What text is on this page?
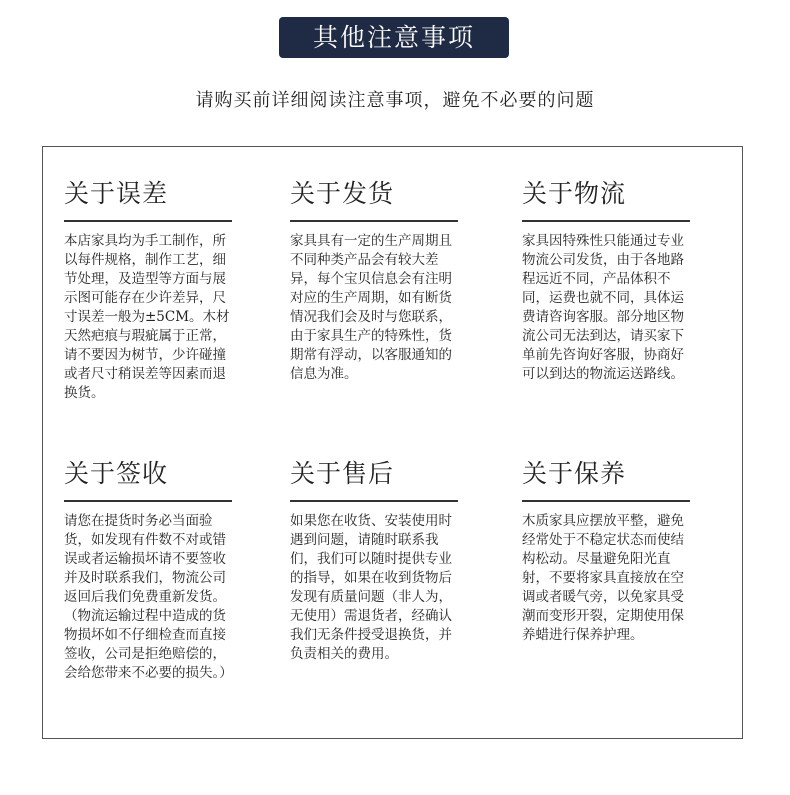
其他注意事项
请购买前详细阅读注意事项，避免不必要的问题
关于误差
本店家具均为手工制作，所以每件规格，制作工艺，细节处理，及造型等方面与展示图可能存在少许差异，尺寸误差一般为±5CM。木材天然疤痕与瑕疵属于正常，请不要因为树节，少许碰撞或者尺寸稍误差等因素而退换货。
关于发货
家具具有一定的生产周期且不同种类产品会有较大差异，每个宝贝信息会有注明对应的生产周期，如有断货情况我们会及时与您联系，由于家具生产的特殊性，货期常有浮动，以客服通知的信息为准。
关于物流
家具因特殊性只能通过专业物流公司发货，由于各地路程远近不同，产品体积不同，运费也就不同，具体运费请咨询客服。部分地区物流公司无法到达，请买家下单前先咨询好客服，协商好可以到达的物流运送路线。
关于签收
请您在提货时务必当面验货，如发现有件数不对或错误或者运输损坏请不要签收并及时联系我们，物流公司返回后我们免费重新发货。（物流运输过程中造成的货物损坏如不仔细检查而直接签收，公司是拒绝赔偿的，会给您带来不必要的损失。）
关于售后
如果您在收货、安装使用时遇到问题，请随时联系我们，我们可以随时提供专业的指导，如果在收到货物后发现有质量问题（非人为，无使用）需退货者，经确认我们无条件授受退换货，并负责相关的费用。
关于保养
木质家具应摆放平整，避免经常处于不稳定状态而使结构松动。尽量避免阳光直射，不要将家具直接放在空调或者暖气旁，以免家具受潮而变形开裂，定期使用保养蜡进行保养护理。
